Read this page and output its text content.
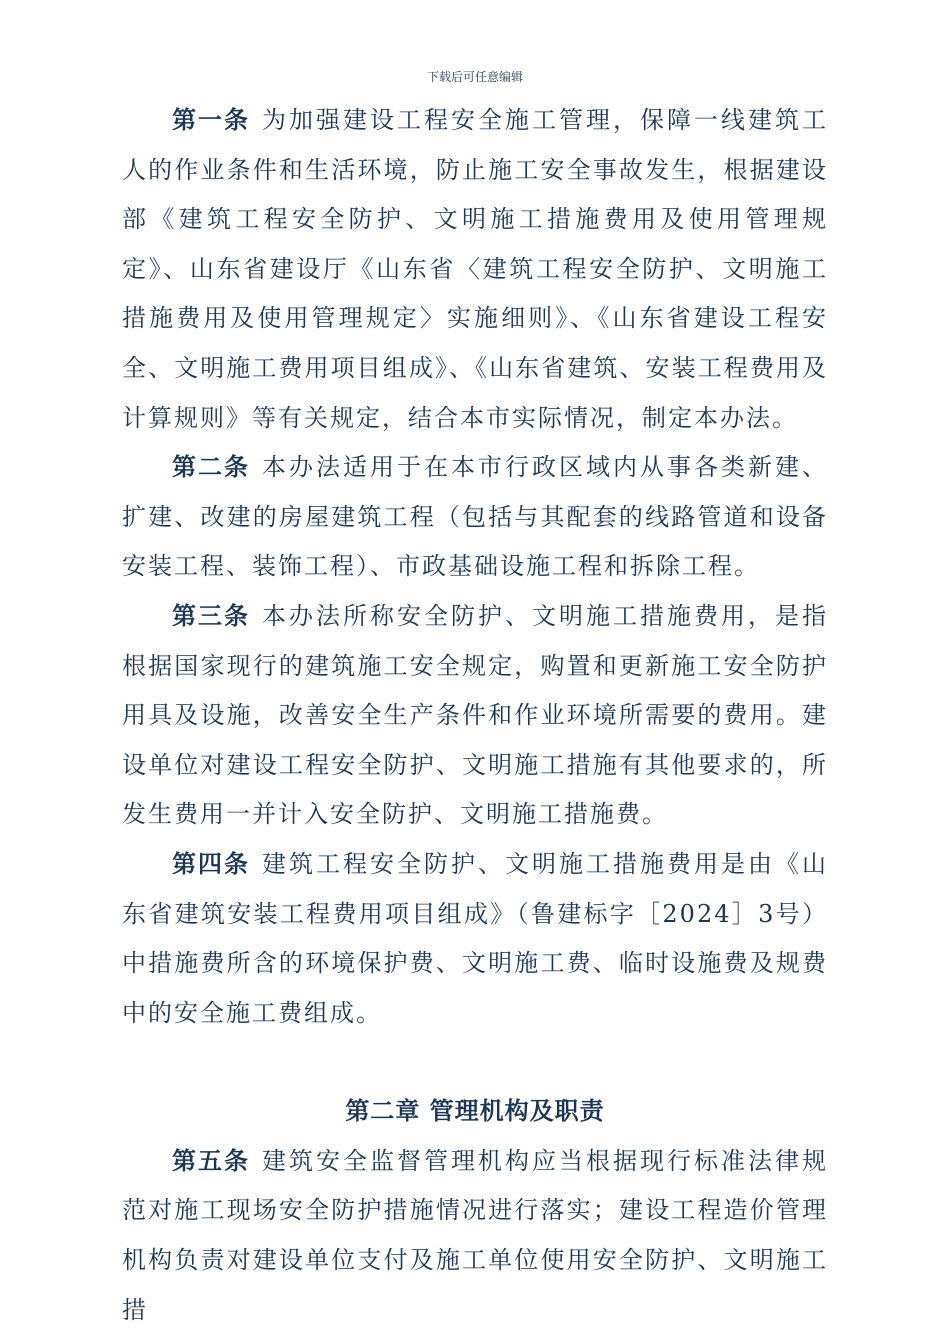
下载后可任意编辑

第一条 为加强建设工程安全施工管理，保障一线建筑工人的作业条件和生活环境，防止施工安全事故发生，根据建设部《建筑工程安全防护、文明施工措施费用及使用管理规定》、山东省建设厅《山东省〈建筑工程安全防护、文明施工措施费用及使用管理规定〉实施细则》、《山东省建设工程安全、文明施工费用项目组成》、《山东省建筑、安装工程费用及计算规则》等有关规定，结合本市实际情况，制定本办法。

第二条 本办法适用于在本市行政区域内从事各类新建、扩建、改建的房屋建筑工程（包括与其配套的线路管道和设备安装工程、装饰工程）、市政基础设施工程和拆除工程。

第三条 本办法所称安全防护、文明施工措施费用，是指根据国家现行的建筑施工安全规定，购置和更新施工安全防护用具及设施，改善安全生产条件和作业环境所需要的费用。建设单位对建设工程安全防护、文明施工措施有其他要求的，所发生费用一并计入安全防护、文明施工措施费。

第四条 建筑工程安全防护、文明施工措施费用是由《山东省建筑安装工程费用项目组成》（鲁建标字［2024］3号）中措施费所含的环境保护费、文明施工费、临时设施费及规费中的安全施工费组成。

第二章 管理机构及职责

第五条 建筑安全监督管理机构应当根据现行标准法律规范对施工现场安全防护措施情况进行落实；建设工程造价管理机构负责对建设单位支付及施工单位使用安全防护、文明施工措
